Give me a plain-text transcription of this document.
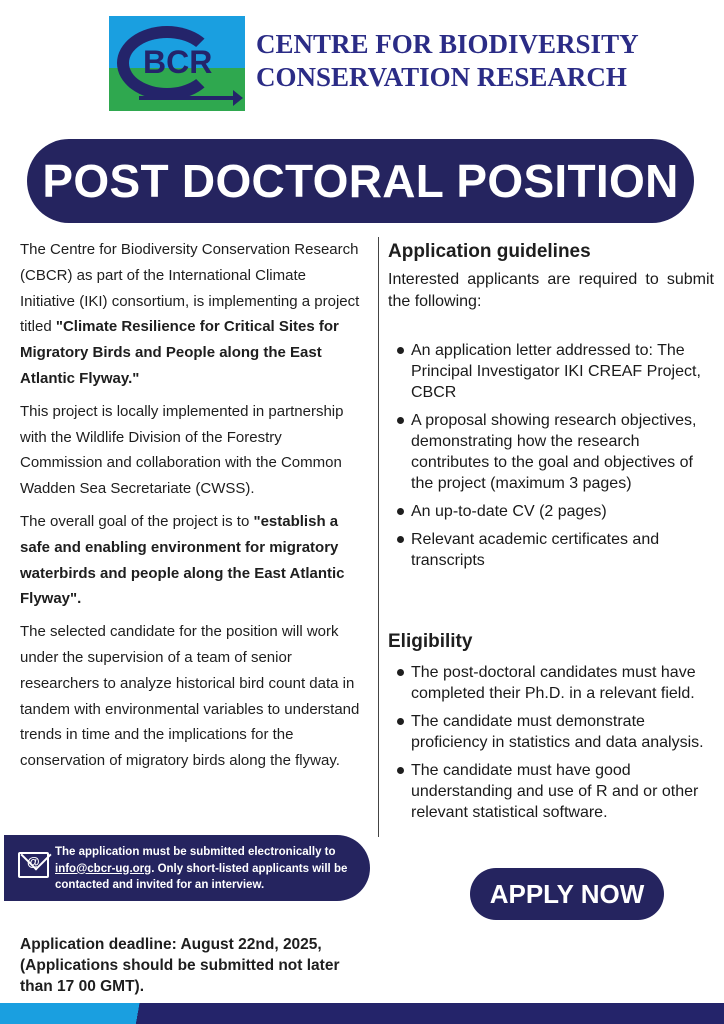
BCR CENTRE FOR BIODIVERSITY
CONSERVATION RESEARCH
POST DOCTORAL POSITION

The Centre for Biodiversity Conservation Research (CBCR) as part of the International Climate Initiative (IKI) consortium, is implementing a project titled "Climate Resilience for Critical Sites for Migratory Birds and People along the East Atlantic Flyway."

This project is locally implemented in partnership with the Wildlife Division of the Forestry Commission and collaboration with the Common Wadden Sea Secretariate (CWSS).

The overall goal of the project is to "establish a safe and enabling environment for migratory waterbirds and people along the East Atlantic Flyway".

The selected candidate for the position will work under the supervision of a team of senior researchers to analyze historical bird count data in tandem with environmental variables to understand trends in time and the implications for the conservation of migratory birds along the flyway.

Application guidelines
Interested applicants are required to submit the following:
An application letter addressed to: The Principal Investigator IKI CREAF Project, CBCR
A proposal showing research objectives, demonstrating how the research contributes to the goal and objectives of the project (maximum 3 pages)
An up-to-date CV (2 pages)
Relevant academic certificates and transcripts
Eligibility
The post-doctoral candidates must have completed their Ph.D. in a relevant field.
The candidate must demonstrate proficiency in statistics and data analysis.
The candidate must have good understanding and use of R and or other relevant statistical software.
@
The application must be submitted electronically to info@cbcr-ug.org. Only short-listed applicants will be contacted and invited for an interview.	APPLY NOW
Application deadline: August 22nd, 2025,
(Applications should be submitted not later than 17 00 GMT).
